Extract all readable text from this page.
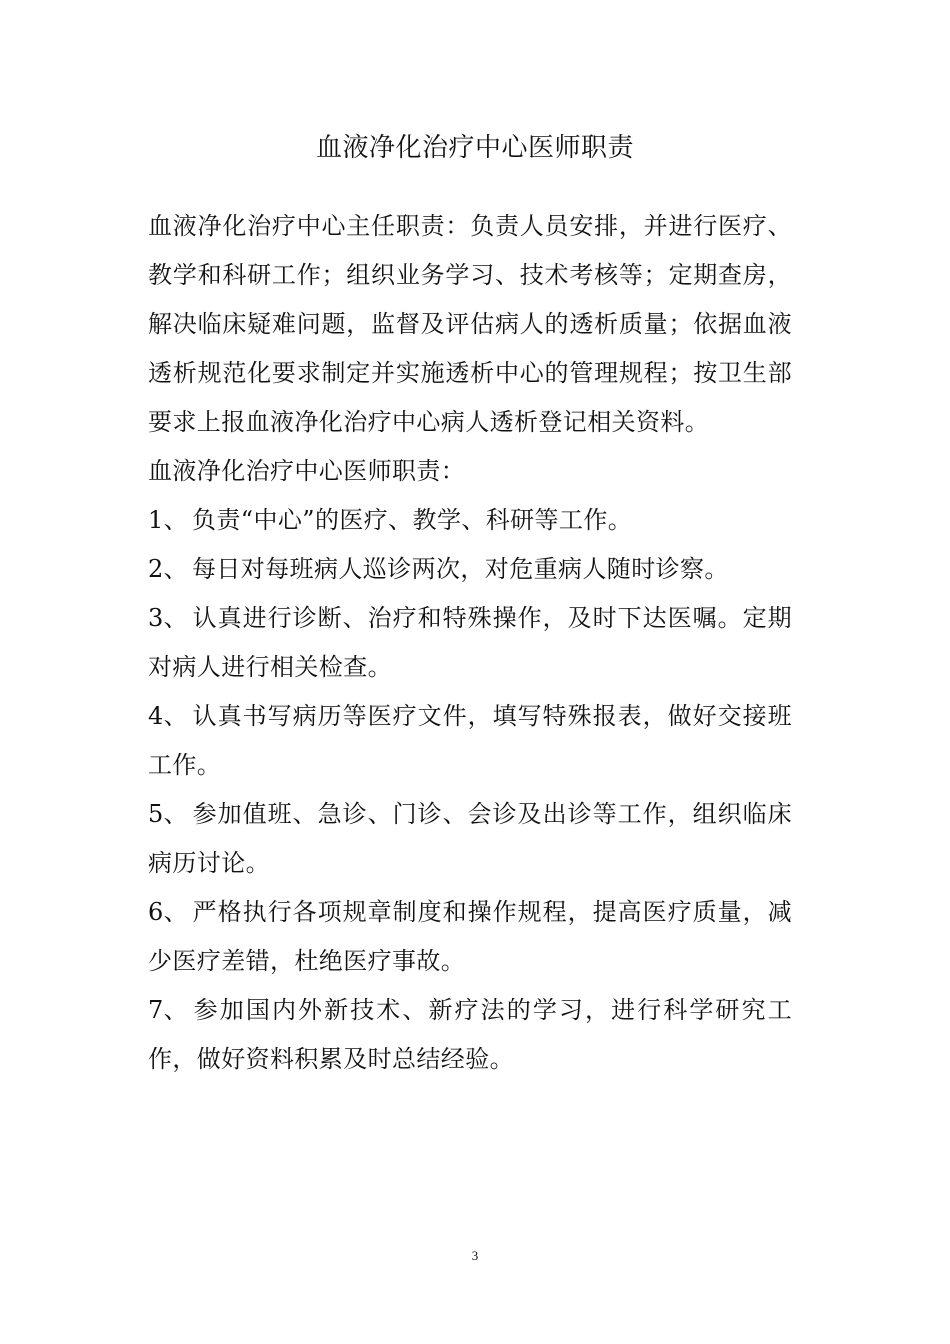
血液净化治疗中心医师职责

血液净化治疗中心主任职责：负责人员安排，并进行医疗、教学和科研工作；组织业务学习、技术考核等；定期查房，解决临床疑难问题，监督及评估病人的透析质量；依据血液透析规范化要求制定并实施透析中心的管理规程；按卫生部要求上报血液净化治疗中心病人透析登记相关资料。

血液净化治疗中心医师职责：

1、 负责“中心”的医疗、教学、科研等工作。

2、 每日对每班病人巡诊两次，对危重病人随时诊察。

3、 认真进行诊断、治疗和特殊操作，及时下达医嘱。定期对病人进行相关检查。

4、 认真书写病历等医疗文件，填写特殊报表，做好交接班工作。

5、 参加值班、急诊、门诊、会诊及出诊等工作，组织临床病历讨论。

6、 严格执行各项规章制度和操作规程，提高医疗质量，减少医疗差错，杜绝医疗事故。

7、 参加国内外新技术、新疗法的学习，进行科学研究工作，做好资料积累及时总结经验。

3
